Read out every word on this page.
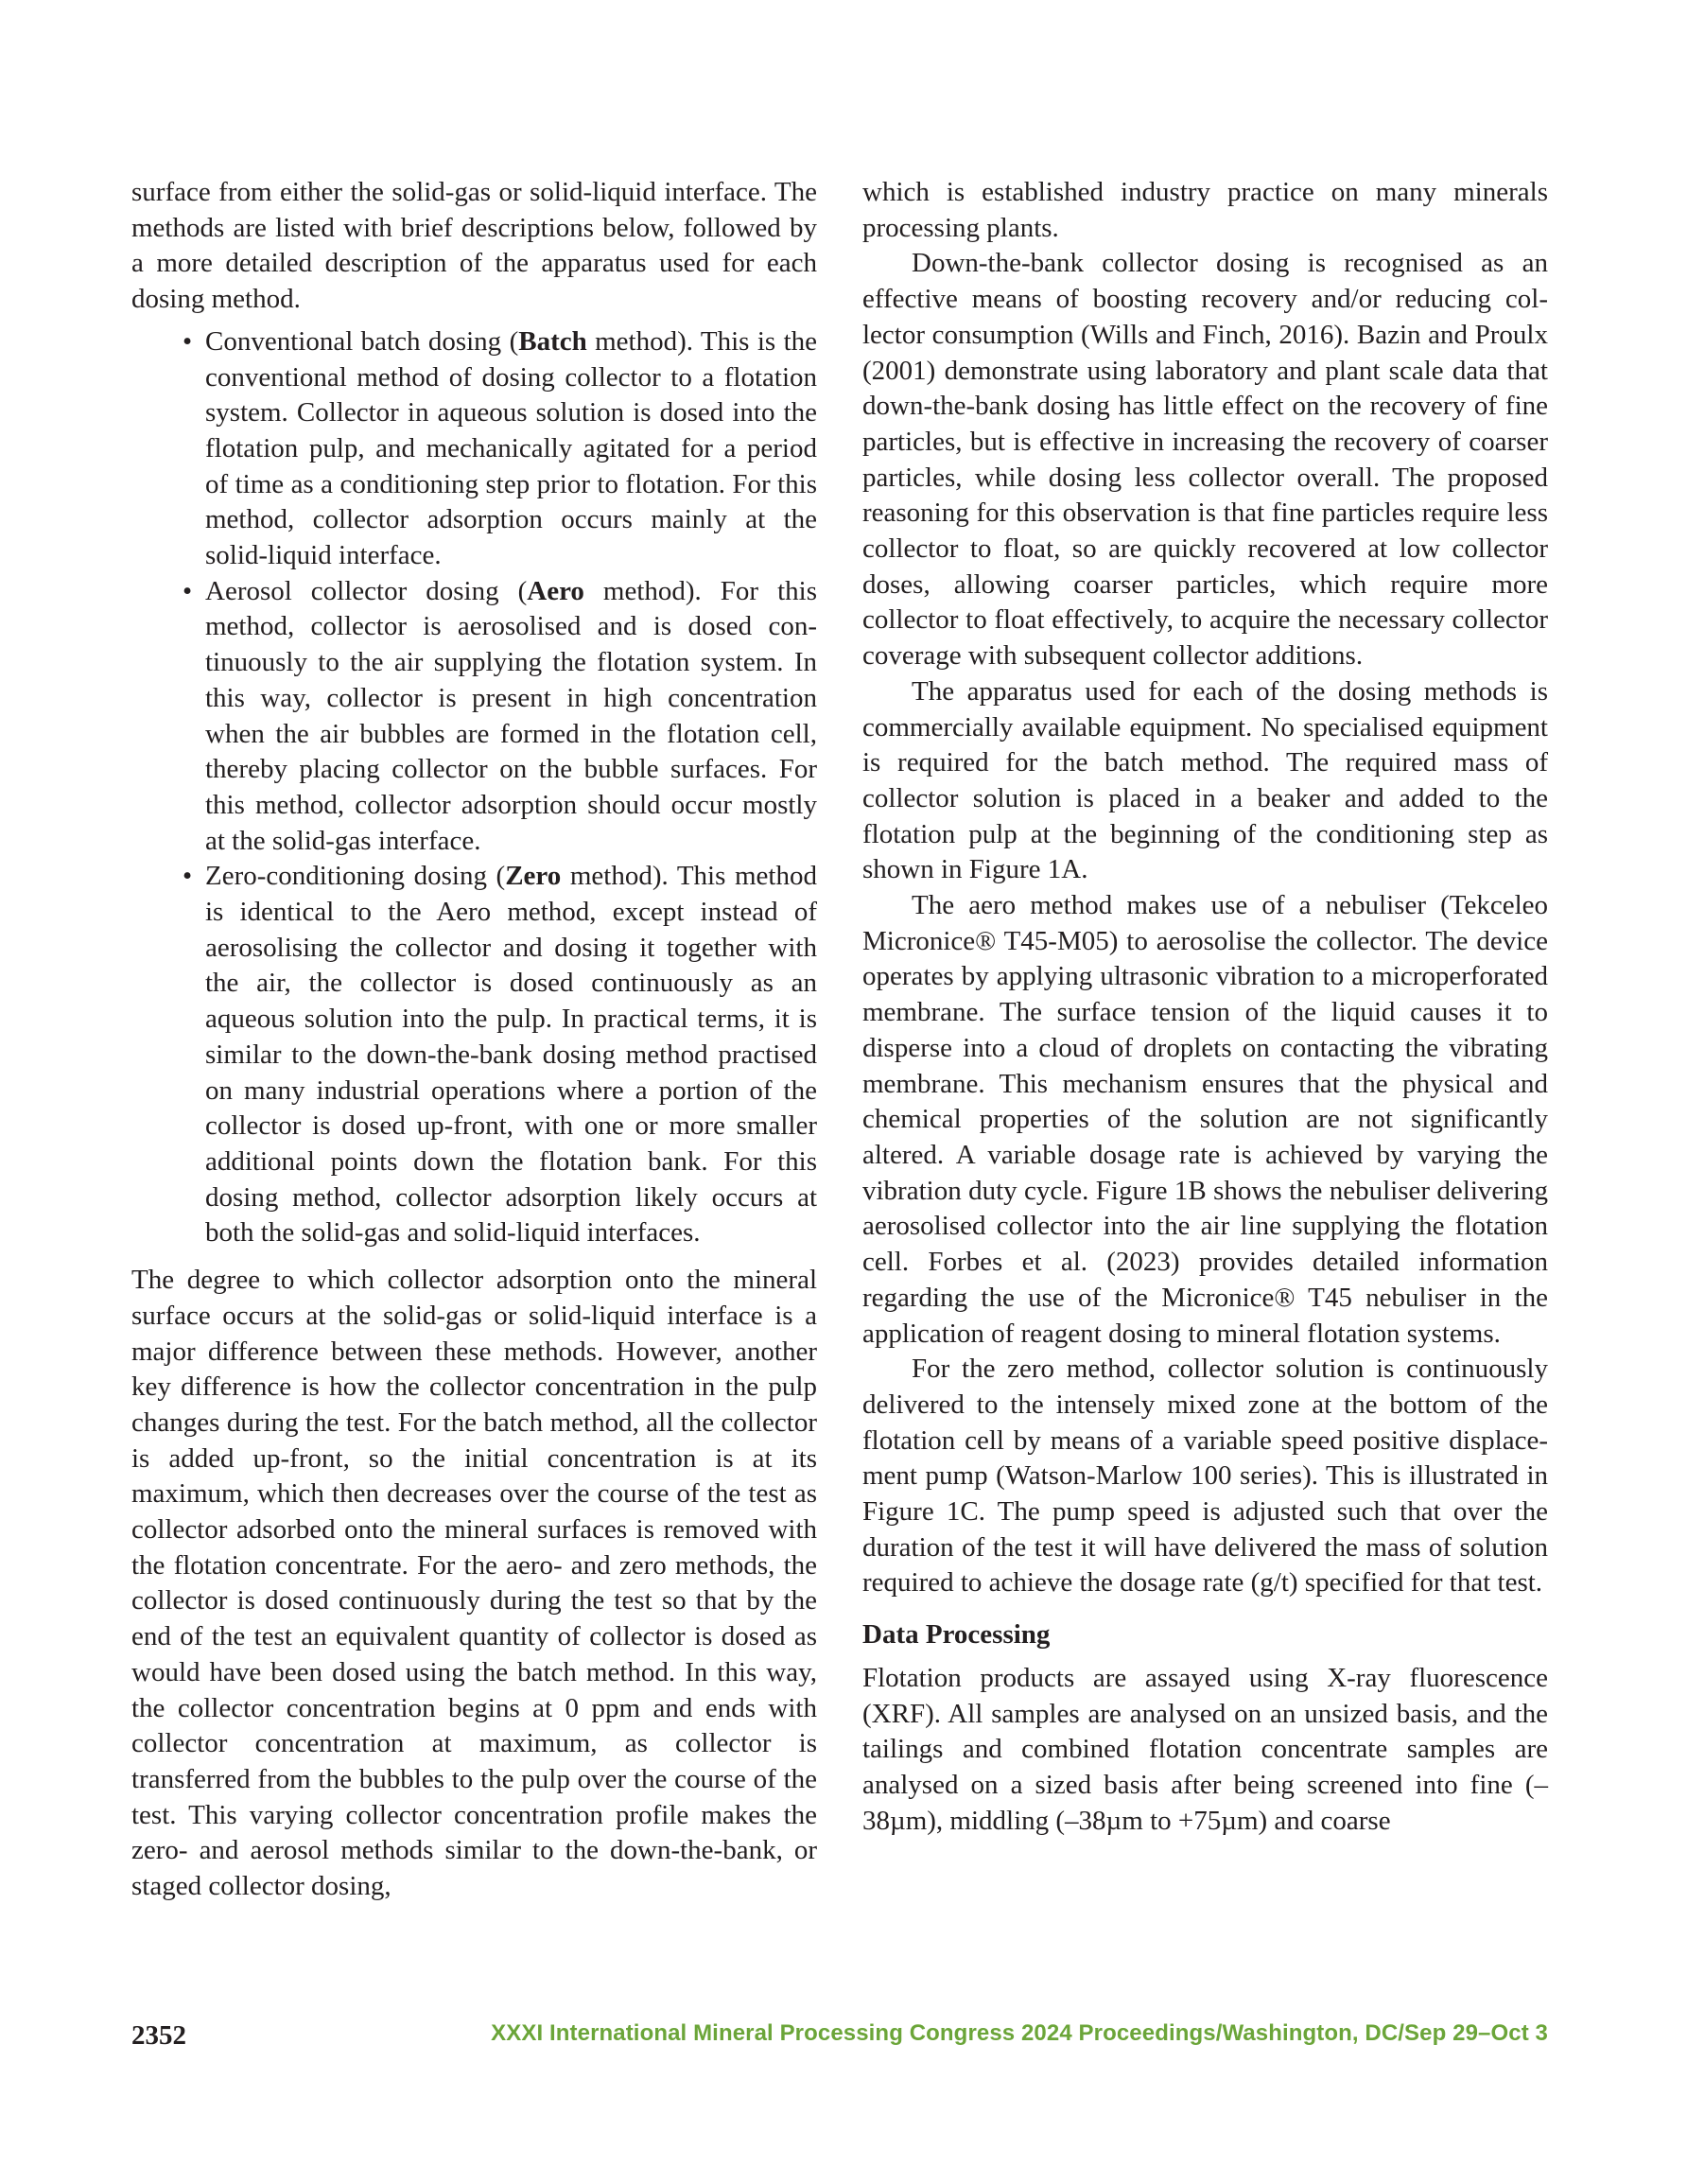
surface from either the solid-gas or solid-liquid interface. The methods are listed with brief descriptions below, followed by a more detailed description of the apparatus used for each dosing method.

• Conventional batch dosing (Batch method). This is the conventional method of dosing collector to a flotation system. Collector in aqueous solution is dosed into the flotation pulp, and mechanically agitated for a period of time as a conditioning step prior to flotation. For this method, collector adsorption occurs mainly at the solid-liquid interface.
• Aerosol collector dosing (Aero method). For this method, collector is aerosolised and is dosed continuously to the air supplying the flotation system. In this way, collector is present in high concentration when the air bubbles are formed in the flotation cell, thereby placing collector on the bubble surfaces. For this method, collector adsorption should occur mostly at the solid-gas interface.
• Zero-conditioning dosing (Zero method). This method is identical to the Aero method, except instead of aerosolising the collector and dosing it together with the air, the collector is dosed continuously as an aqueous solution into the pulp. In practical terms, it is similar to the down-the-bank dosing method practised on many industrial operations where a portion of the collector is dosed up-front, with one or more smaller additional points down the flotation bank. For this dosing method, collector adsorption likely occurs at both the solid-gas and solid-liquid interfaces.

The degree to which collector adsorption onto the mineral surface occurs at the solid-gas or solid-liquid interface is a major difference between these methods. However, another key difference is how the collector concentration in the pulp changes during the test. For the batch method, all the collector is added up-front, so the initial concentration is at its maximum, which then decreases over the course of the test as collector adsorbed onto the mineral surfaces is removed with the flotation concentrate. For the aero- and zero methods, the collector is dosed continuously during the test so that by the end of the test an equivalent quantity of collector is dosed as would have been dosed using the batch method. In this way, the collector concentration begins at 0 ppm and ends with collector concentration at maximum, as collector is transferred from the bubbles to the pulp over the course of the test. This varying collector concentration profile makes the zero- and aerosol methods similar to the down-the-bank, or staged collector dosing,

which is established industry practice on many minerals processing plants.

Down-the-bank collector dosing is recognised as an effective means of boosting recovery and/or reducing collector consumption (Wills and Finch, 2016). Bazin and Proulx (2001) demonstrate using laboratory and plant scale data that down-the-bank dosing has little effect on the recovery of fine particles, but is effective in increasing the recovery of coarser particles, while dosing less collector overall. The proposed reasoning for this observation is that fine particles require less collector to float, so are quickly recovered at low collector doses, allowing coarser particles, which require more collector to float effectively, to acquire the necessary collector coverage with subsequent collector additions.

The apparatus used for each of the dosing methods is commercially available equipment. No specialised equipment is required for the batch method. The required mass of collector solution is placed in a beaker and added to the flotation pulp at the beginning of the conditioning step as shown in Figure 1A.

The aero method makes use of a nebuliser (Tekceleo Micronice® T45-M05) to aerosolise the collector. The device operates by applying ultrasonic vibration to a microperforated membrane. The surface tension of the liquid causes it to disperse into a cloud of droplets on contacting the vibrating membrane. This mechanism ensures that the physical and chemical properties of the solution are not significantly altered. A variable dosage rate is achieved by varying the vibration duty cycle. Figure 1B shows the nebuliser delivering aerosolised collector into the air line supplying the flotation cell. Forbes et al. (2023) provides detailed information regarding the use of the Micronice® T45 nebuliser in the application of reagent dosing to mineral flotation systems.

For the zero method, collector solution is continuously delivered to the intensely mixed zone at the bottom of the flotation cell by means of a variable speed positive displacement pump (Watson-Marlow 100 series). This is illustrated in Figure 1C. The pump speed is adjusted such that over the duration of the test it will have delivered the mass of solution required to achieve the dosage rate (g/t) specified for that test.

Data Processing

Flotation products are assayed using X-ray fluorescence (XRF). All samples are analysed on an unsized basis, and the tailings and combined flotation concentrate samples are analysed on a sized basis after being screened into fine (–38µm), middling (–38µm to +75µm) and coarse

2352	XXXI International Mineral Processing Congress 2024 Proceedings/Washington, DC/Sep 29–Oct 3
